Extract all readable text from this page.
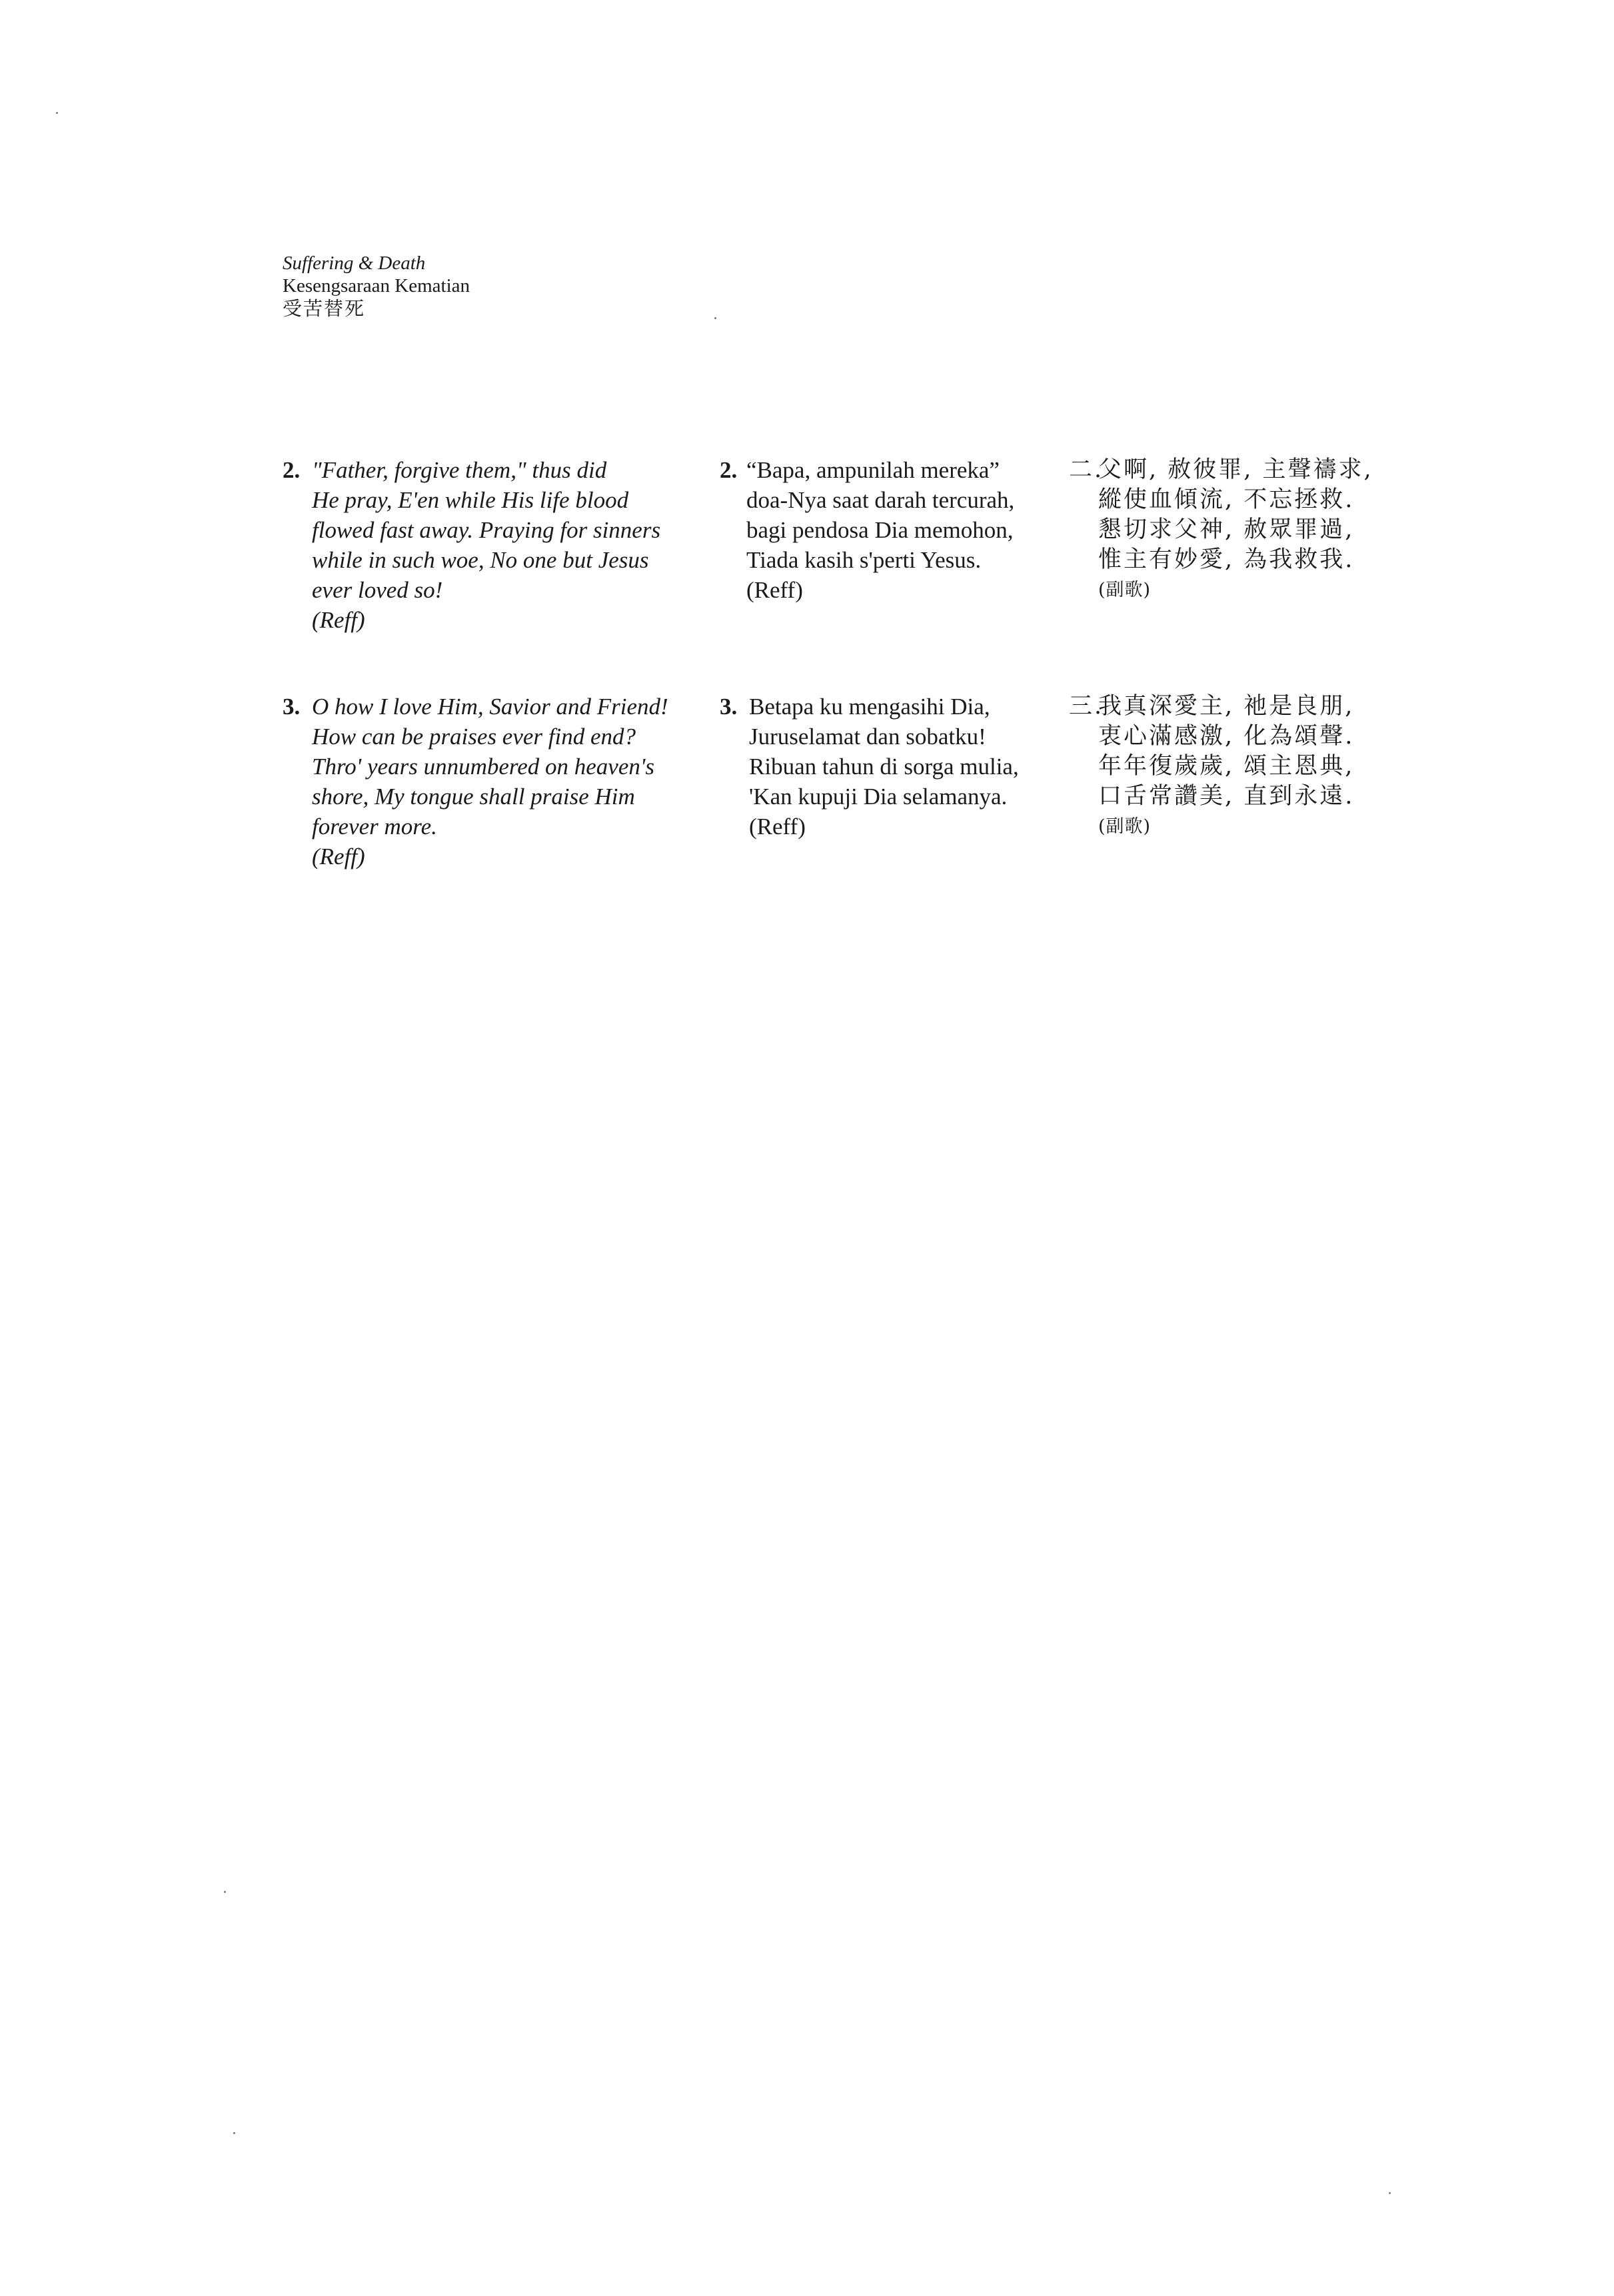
Suffering & Death
Kesengsaraan Kematian
受苦替死
2. "Father, forgive them," thus did
He pray, E'en while His life blood
flowed fast away. Praying for sinners
while in such woe, No one but Jesus
ever loved so!
(Reff)
2. “Bapa, ampunilah mereka”
doa-Nya saat darah tercurah,
bagi pendosa Dia memohon,
Tiada kasih s'perti Yesus.
(Reff)
二.
父啊, 赦彼罪, 主聲禱求,
縱使血傾流, 不忘拯救.
懇切求父神, 赦眾罪過,
惟主有妙愛, 為我救我.
(副歌)
3. O how I love Him, Savior and Friend!
How can be praises ever find end?
Thro' years unnumbered on heaven's
shore, My tongue shall praise Him
forever more.
(Reff)
3. Betapa ku mengasihi Dia,
Juruselamat dan sobatku!
Ribuan tahun di sorga mulia,
'Kan kupuji Dia selamanya.
(Reff)
三.
我真深愛主, 祂是良朋,
衷心滿感激, 化為頌聲.
年年復歲歲, 頌主恩典,
口舌常讚美, 直到永遠.
(副歌)
